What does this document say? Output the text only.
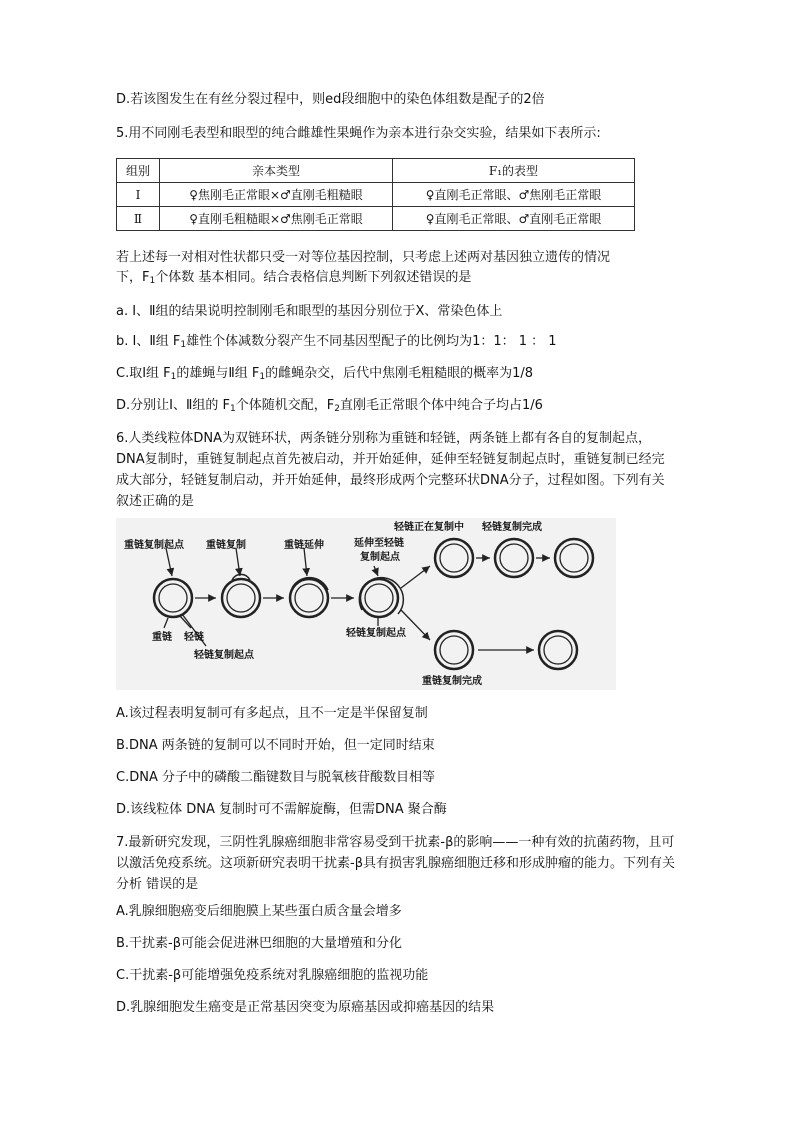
D.若该图发生在有丝分裂过程中，则ed段细胞中的染色体组数是配子的2倍
5.用不同刚毛表型和眼型的纯合雌雄性果蝇作为亲本进行杂交实验，结果如下表所示:
组别	亲本类型	F₁的表型
Ⅰ	♀焦刚毛正常眼×♂直刚毛粗糙眼	♀直刚毛正常眼、♂焦刚毛正常眼
Ⅱ	♀直刚毛粗糙眼×♂焦刚毛正常眼	♀直刚毛正常眼、♂直刚毛正常眼
若上述每一对相对性状都只受一对等位基因控制，只考虑上述两对基因独立遗传的情况
下，$F_1$个体数 基本相同。结合表格信息判断下列叙述错误的是
a. Ⅰ、Ⅱ组的结果说明控制刚毛和眼型的基因分别位于X、常染色体上
b. Ⅰ、Ⅱ组 $F_1$雄性个体减数分裂产生不同基因型配子的比例均为1：1： 1 ： 1
C.取Ⅰ组 $F_1$的雄蝇与Ⅱ组 $F_1$的雌蝇杂交，后代中焦刚毛粗糙眼的概率为1/8
D.分别让Ⅰ、Ⅱ组的 $F_1$个体随机交配，$F_2$直刚毛正常眼个体中纯合子均占1/6
6.人类线粒体DNA为双链环状，两条链分别称为重链和轻链，两条链上都有各自的复制起点，DNA复制时，重链复制起点首先被启动，并开始延伸，延伸至轻链复制起点时，重链复制已经完成大部分，轻链复制启动，并开始延伸，最终形成两个完整环状DNA分子，过程如图。下列有关叙述正确的是
重链复制起点 重链复制	重链延伸	延伸至轻链
复制起点
轻链正在复制中 轻链复制完成
重链 轻链
轻链复制起点
轻链复制起点
重链复制完成
A.该过程表明复制可有多起点，且不一定是半保留复制
B.DNA 两条链的复制可以不同时开始，但一定同时结束
C.DNA 分子中的磷酸二酯键数目与脱氧核苷酸数目相等
D.该线粒体 DNA 复制时可不需解旋酶，但需DNA 聚合酶
7.最新研究发现，三阴性乳腺癌细胞非常容易受到干扰素-β的影响——一种有效的抗菌药物，且可以激活免疫系统。这项新研究表明干扰素-β具有损害乳腺癌细胞迁移和形成肿瘤的能力。下列有关分析 错误的是
A.乳腺细胞癌变后细胞膜上某些蛋白质含量会增多
B.干扰素-β可能会促进淋巴细胞的大量增殖和分化
C.干扰素-β可能增强免疫系统对乳腺癌细胞的监视功能
D.乳腺细胞发生癌变是正常基因突变为原癌基因或抑癌基因的结果
